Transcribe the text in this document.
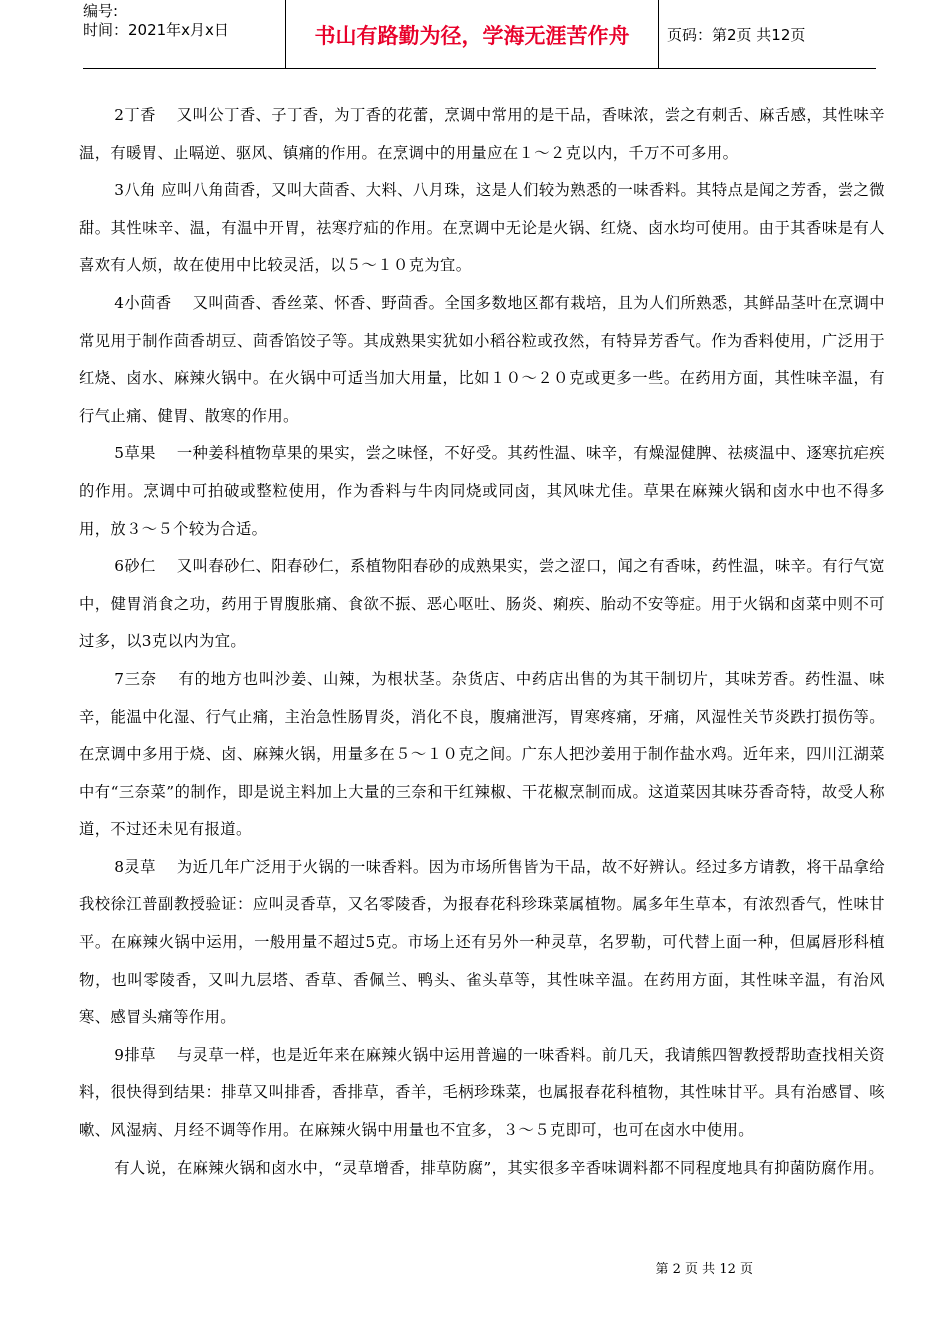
编号:
时间：2021年x月x日	书山有路勤为径，学海无涯苦作舟	页码：第2页 共12页

2丁香　 又叫公丁香、子丁香，为丁香的花蕾，烹调中常用的是干品，香味浓，尝之有刺舌、麻舌感，其性味辛温，有暖胃、止嗝逆、驱风、镇痛的作用。在烹调中的用量应在１～２克以内，千万不可多用。

3八角 应叫八角茴香，又叫大茴香、大料、八月珠，这是人们较为熟悉的一味香料。其特点是闻之芳香，尝之微甜。其性味辛、温，有温中开胃，祛寒疗疝的作用。在烹调中无论是火锅、红烧、卤水均可使用。由于其香味是有人喜欢有人烦，故在使用中比较灵活，以５～１０克为宜。

4小茴香　 又叫茴香、香丝菜、怀香、野茴香。全国多数地区都有栽培，且为人们所熟悉，其鲜品茎叶在烹调中常见用于制作茴香胡豆、茴香馅饺子等。其成熟果实犹如小稻谷粒或孜然，有特异芳香气。作为香料使用，广泛用于红烧、卤水、麻辣火锅中。在火锅中可适当加大用量，比如１０～２０克或更多一些。在药用方面，其性味辛温，有行气止痛、健胃、散寒的作用。

5草果　 一种姜科植物草果的果实，尝之味怪，不好受。其药性温、味辛，有燥湿健脾、祛痰温中、逐寒抗疟疾的作用。烹调中可拍破或整粒使用，作为香料与牛肉同烧或同卤，其风味尤佳。草果在麻辣火锅和卤水中也不得多用，放３～５个较为合适。

6砂仁　 又叫春砂仁、阳春砂仁，系植物阳春砂的成熟果实，尝之涩口，闻之有香味，药性温，味辛。有行气宽中，健胃消食之功，药用于胃腹胀痛、食欲不振、恶心呕吐、肠炎、痢疾、胎动不安等症。用于火锅和卤菜中则不可过多，以3克以内为宜。

7三奈　 有的地方也叫沙姜、山辣，为根状茎。杂货店、中药店出售的为其干制切片，其味芳香。药性温、味辛，能温中化湿、行气止痛，主治急性肠胃炎，消化不良，腹痛泄泻，胃寒疼痛，牙痛，风湿性关节炎跌打损伤等。在烹调中多用于烧、卤、麻辣火锅，用量多在５～１０克之间。广东人把沙姜用于制作盐水鸡。近年来，四川江湖菜中有“三奈菜”的制作，即是说主料加上大量的三奈和干红辣椒、干花椒烹制而成。这道菜因其味芬香奇特，故受人称道，不过还未见有报道。

8灵草　 为近几年广泛用于火锅的一味香料。因为市场所售皆为干品，故不好辨认。经过多方请教，将干品拿给我校徐江普副教授验证：应叫灵香草，又名零陵香，为报春花科珍珠菜属植物。属多年生草本，有浓烈香气，性味甘平。在麻辣火锅中运用，一般用量不超过5克。市场上还有另外一种灵草，名罗勒，可代替上面一种，但属唇形科植物，也叫零陵香，又叫九层塔、香草、香佩兰、鸭头、雀头草等，其性味辛温。在药用方面，其性味辛温，有治风寒、感冒头痛等作用。

9排草　 与灵草一样，也是近年来在麻辣火锅中运用普遍的一味香料。前几天，我请熊四智教授帮助查找相关资料，很快得到结果：排草又叫排香，香排草，香羊，毛柄珍珠菜，也属报春花科植物，其性味甘平。具有治感冒、咳嗽、风湿病、月经不调等作用。在麻辣火锅中用量也不宜多，３～５克即可，也可在卤水中使用。

有人说，在麻辣火锅和卤水中，“灵草增香，排草防腐”，其实很多辛香味调料都不同程度地具有抑菌防腐作用。

第 2 页 共 12 页
